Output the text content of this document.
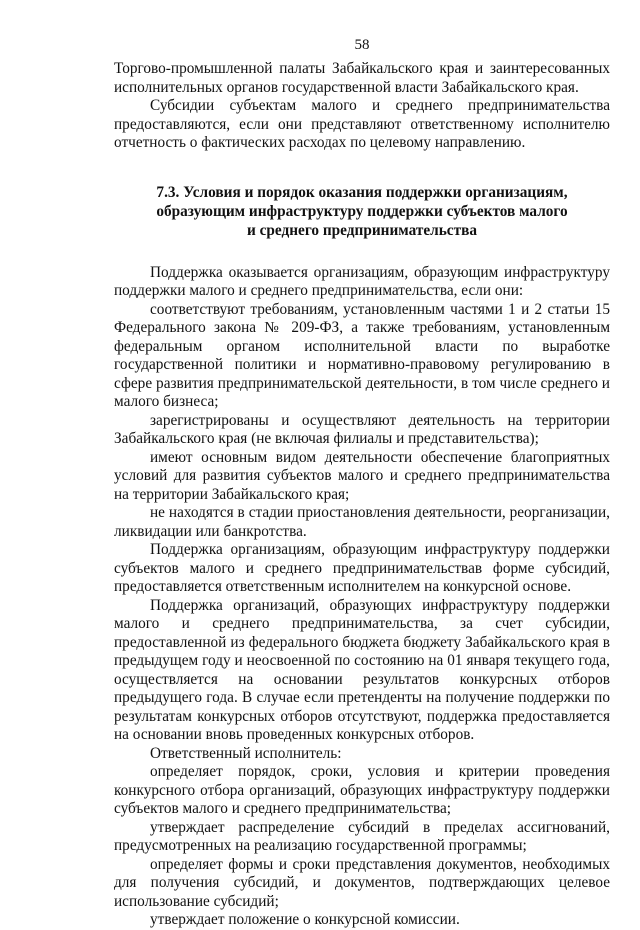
58

Торгово-промышленной палаты Забайкальского края и заинтересованных исполнительных органов государственной власти Забайкальского края.

Субсидии субъектам малого и среднего предпринимательства предоставляются, если они представляют ответственному исполнителю отчетность о фактических расходах по целевому направлению.

7.3. Условия и порядок оказания поддержки организациям,
образующим инфраструктуру поддержки субъектов малого
и среднего предпринимательства

Поддержка оказывается организациям, образующим инфраструктуру поддержки малого и среднего предпринимательства, если они:

соответствуют требованиям, установленным частями 1 и 2 статьи 15 Федерального закона № 209-ФЗ, а также требованиям, установленным федеральным органом исполнительной власти по выработке государственной политики и нормативно-правовому регулированию в сфере развития предпринимательской деятельности, в том числе среднего и малого бизнеса;

зарегистрированы и осуществляют деятельность на территории Забайкальского края (не включая филиалы и представительства);

имеют основным видом деятельности обеспечение благоприятных условий для развития субъектов малого и среднего предпринимательства на территории Забайкальского края;

не находятся в стадии приостановления деятельности, реорганизации, ликвидации или банкротства.

Поддержка организациям, образующим инфраструктуру поддержки субъектов малого и среднего предпринимательствав форме субсидий, предоставляется ответственным исполнителем на конкурсной основе.

Поддержка организаций, образующих инфраструктуру поддержки малого и среднего предпринимательства, за счет субсидии, предоставленной из федерального бюджета бюджету Забайкальского края в предыдущем году и неосвоенной по состоянию на 01 января текущего года, осуществляется на основании результатов конкурсных отборов предыдущего года. В случае если претенденты на получение поддержки по результатам конкурсных отборов отсутствуют, поддержка предоставляется на основании вновь проведенных конкурсных отборов.

Ответственный исполнитель:

определяет порядок, сроки, условия и критерии проведения конкурсного отбора организаций, образующих инфраструктуру поддержки субъектов малого и среднего предпринимательства;

утверждает распределение субсидий в пределах ассигнований, предусмотренных на реализацию государственной программы;

определяет формы и сроки представления документов, необходимых для получения субсидий, и документов, подтверждающих целевое использование субсидий;

утверждает положение о конкурсной комиссии.
